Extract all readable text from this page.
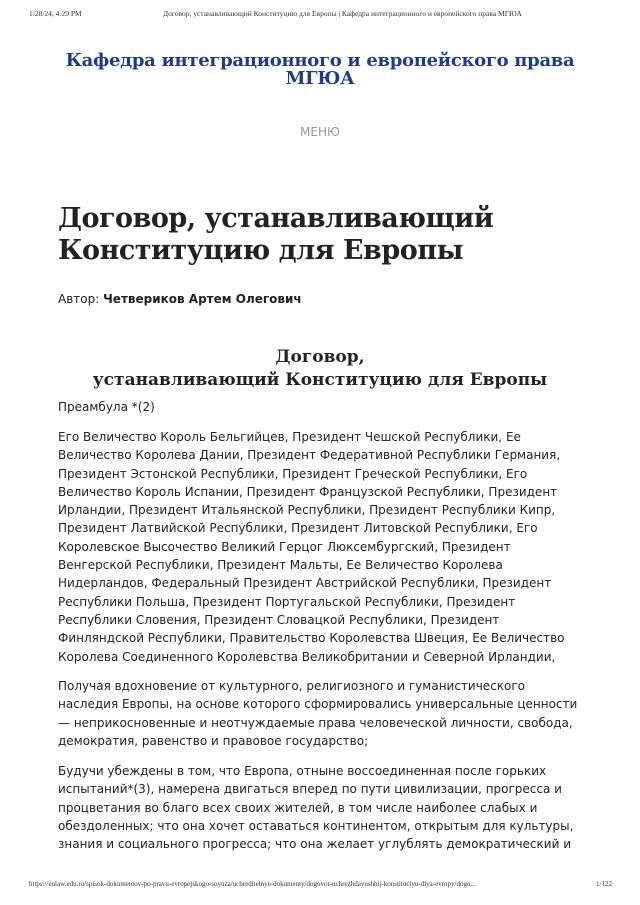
1/28/24, 4:29 PM	Договор, устанавливающий Конституцию для Европы | Кафедра интеграционного и европейского права МГЮА
Кафедра интеграционного и европейского права
МГЮА
МЕНЮ
Договор, устанавливающий
Конституцию для Европы
Автор: Четвериков Артем Олегович
Договор,
устанавливающий Конституцию для Европы
Преамбула *(2)
Его Величество Король Бельгийцев, Президент Чешской Республики, Ее
Величество Королева Дании, Президент Федеративной Республики Германия,
Президент Эстонской Республики, Президент Греческой Республики, Его
Величество Король Испании, Президент Французской Республики, Президент
Ирландии, Президент Итальянской Республики, Президент Республики Кипр,
Президент Латвийской Республики, Президент Литовской Республики, Его
Королевское Высочество Великий Герцог Люксембургский, Президент
Венгерской Республики, Президент Мальты, Ее Величество Королева
Нидерландов, Федеральный Президент Австрийской Республики, Президент
Республики Польша, Президент Португальской Республики, Президент
Республики Словения, Президент Словацкой Республики, Президент
Финляндской Республики, Правительство Королевства Швеция, Ее Величество
Королева Соединенного Королевства Великобритании и Северной Ирландии,
Получая вдохновение от культурного, религиозного и гуманистического
наследия Европы, на основе которого сформировались универсальные ценности
— неприкосновенные и неотчуждаемые права человеческой личности, свобода,
демократия, равенство и правовое государство;
Будучи убеждены в том, что Европа, отныне воссоединенная после горьких
испытаний*(3), намерена двигаться вперед по пути цивилизации, прогресса и
процветания во благо всех своих жителей, в том числе наиболее слабых и
обездоленных; что она хочет оставаться континентом, открытым для культуры,
знания и социального прогресса; что она желает углублять демократический и
https://eulaw.edu.ru/spisok-dokumentov-po-pravu-evropejskogo-soyuza/uchreditelnye-dokumenty/dogovor-uchrezhdayushhij-konstituciyu-dlya-evropy/dogo...	1/122
